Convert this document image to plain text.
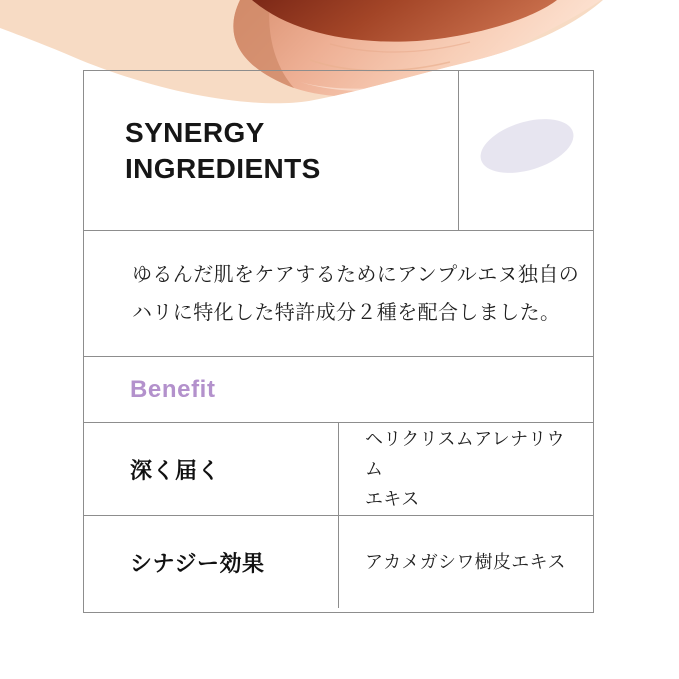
SYNERGY
INGREDIENTS
ゆるんだ肌をケアするためにアンプルエヌ独自の
ハリに特化した特許成分２種を配合しました。
Benefit
深く届く
ヘリクリスムアレナリウム
エキス
シナジー効果	アカメガシワ樹皮エキス
